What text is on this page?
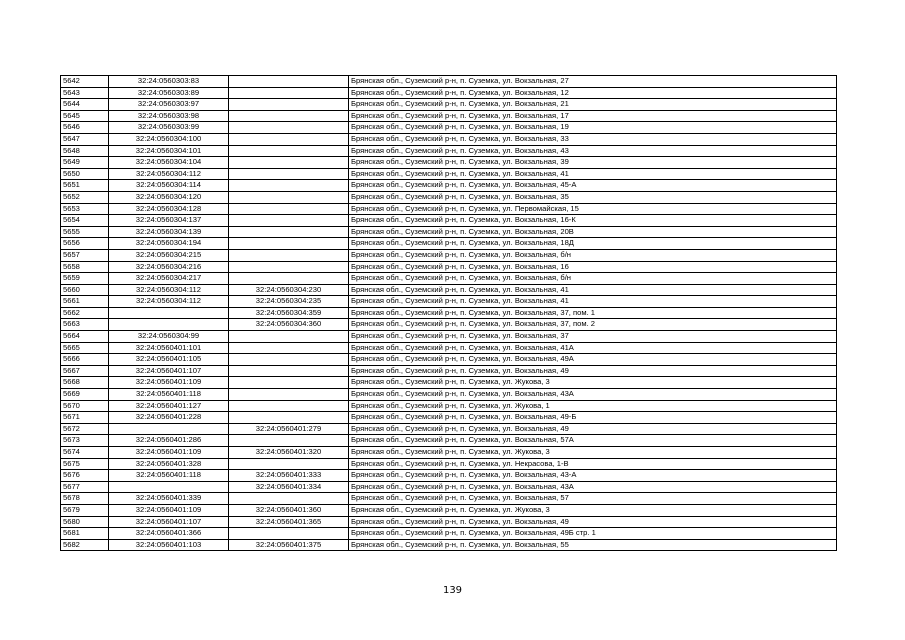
5642	32:24:0560303:83		Брянская обл., Суземский р-н, п. Суземка, ул. Вокзальная, 27
5643	32:24:0560303:89		Брянская обл., Суземский р-н, п. Суземка, ул. Вокзальная, 12
5644	32:24:0560303:97		Брянская обл., Суземский р-н, п. Суземка, ул. Вокзальная, 21
5645	32:24:0560303:98		Брянская обл., Суземский р-н, п. Суземка, ул. Вокзальная, 17
5646	32:24:0560303:99		Брянская обл., Суземский р-н, п. Суземка, ул. Вокзальная, 19
5647	32:24:0560304:100		Брянская обл., Суземский р-н, п. Суземка, ул. Вокзальная, 33
5648	32:24:0560304:101		Брянская обл., Суземский р-н, п. Суземка, ул. Вокзальная, 43
5649	32:24:0560304:104		Брянская обл., Суземский р-н, п. Суземка, ул. Вокзальная, 39
5650	32:24:0560304:112		Брянская обл., Суземский р-н, п. Суземка, ул. Вокзальная, 41
5651	32:24:0560304:114		Брянская обл., Суземский р-н, п. Суземка, ул. Вокзальная, 45-А
5652	32:24:0560304:120		Брянская обл., Суземский р-н, п. Суземка, ул. Вокзальная, 35
5653	32:24:0560304:128		Брянская обл., Суземский р-н, п. Суземка, ул. Первомайская, 15
5654	32:24:0560304:137		Брянская обл., Суземский р-н, п. Суземка, ул. Вокзальная, 16-К
5655	32:24:0560304:139		Брянская обл., Суземский р-н, п. Суземка, ул. Вокзальная, 20В
5656	32:24:0560304:194		Брянская обл., Суземский р-н, п. Суземка, ул. Вокзальная, 18Д
5657	32:24:0560304:215		Брянская обл., Суземский р-н, п. Суземка, ул. Вокзальная, б/н
5658	32:24:0560304:216		Брянская обл., Суземский р-н, п. Суземка, ул. Вокзальная, 16
5659	32:24:0560304:217		Брянская обл., Суземский р-н, п. Суземка, ул. Вокзальная, б/н
5660	32:24:0560304:112	32:24:0560304:230	Брянская обл., Суземский р-н, п. Суземка, ул. Вокзальная, 41
5661	32:24:0560304:112	32:24:0560304:235	Брянская обл., Суземский р-н, п. Суземка, ул. Вокзальная, 41
5662		32:24:0560304:359	Брянская обл., Суземский р-н, п. Суземка, ул. Вокзальная, 37, пом. 1
5663		32:24:0560304:360	Брянская обл., Суземский р-н, п. Суземка, ул. Вокзальная, 37, пом. 2
5664	32:24:0560304:99		Брянская обл., Суземский р-н, п. Суземка, ул. Вокзальная, 37
5665	32:24:0560401:101		Брянская обл., Суземский р-н, п. Суземка, ул. Вокзальная, 41А
5666	32:24:0560401:105		Брянская обл., Суземский р-н, п. Суземка, ул. Вокзальная, 49А
5667	32:24:0560401:107		Брянская обл., Суземский р-н, п. Суземка, ул. Вокзальная, 49
5668	32:24:0560401:109		Брянская обл., Суземский р-н, п. Суземка, ул. Жукова, 3
5669	32:24:0560401:118		Брянская обл., Суземский р-н, п. Суземка, ул. Вокзальная, 43А
5670	32:24:0560401:127		Брянская обл., Суземский р-н, п. Суземка, ул. Жукова, 1
5671	32:24:0560401:228		Брянская обл., Суземский р-н, п. Суземка, ул. Вокзальная, 49-Б
5672		32:24:0560401:279	Брянская обл., Суземский р-н, п. Суземка, ул. Вокзальная, 49
5673	32:24:0560401:286		Брянская обл., Суземский р-н, п. Суземка, ул. Вокзальная, 57А
5674	32:24:0560401:109	32:24:0560401:320	Брянская обл., Суземский р-н, п. Суземка, ул. Жукова, 3
5675	32:24:0560401:328		Брянская обл., Суземский р-н, п. Суземка, ул. Некрасова, 1-В
5676	32:24:0560401:118	32:24:0560401:333	Брянская обл., Суземский р-н, п. Суземка, ул. Вокзальная, 43-А
5677		32:24:0560401:334	Брянская обл., Суземский р-н, п. Суземка, ул. Вокзальная, 43А
5678	32:24:0560401:339		Брянская обл., Суземский р-н, п. Суземка, ул. Вокзальная, 57
5679	32:24:0560401:109	32:24:0560401:360	Брянская обл., Суземский р-н, п. Суземка, ул. Жукова, 3
5680	32:24:0560401:107	32:24:0560401:365	Брянская обл., Суземский р-н, п. Суземка, ул. Вокзальная, 49
5681	32:24:0560401:366		Брянская обл., Суземский р-н, п. Суземка, ул. Вокзальная, 49Б стр. 1
5682	32:24:0560401:103	32:24:0560401:375	Брянская обл., Суземский р-н, п. Суземка, ул. Вокзальная, 55
139
